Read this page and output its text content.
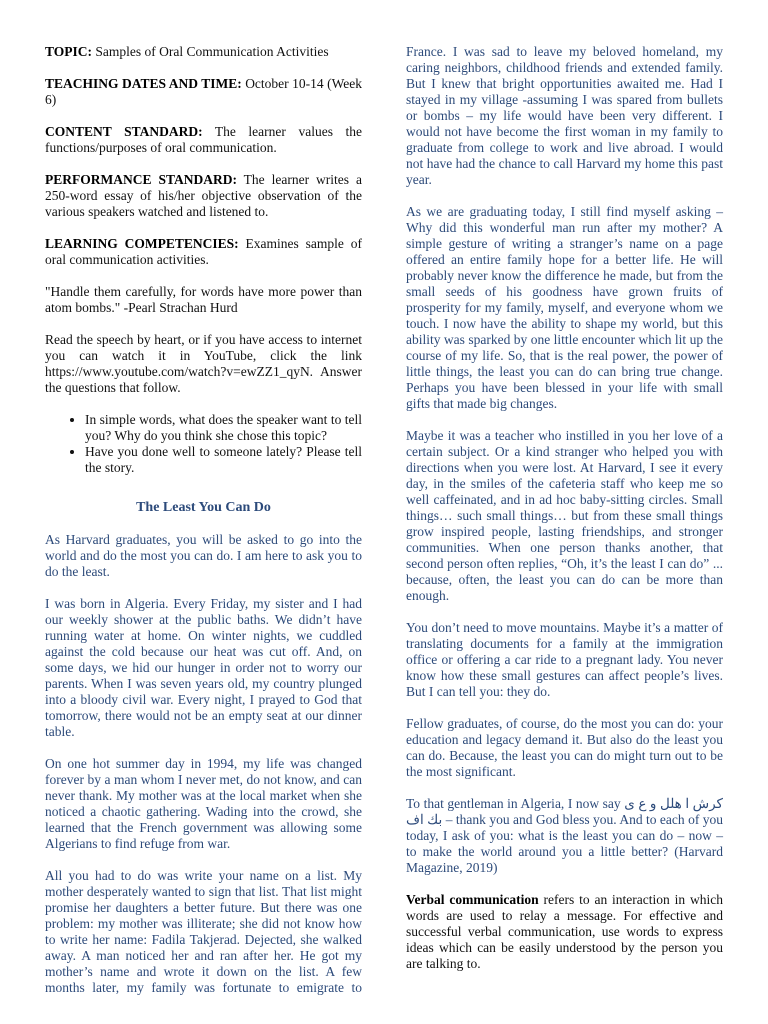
TOPIC: Samples of Oral Communication Activities

TEACHING DATES AND TIME: October 10-14 (Week 6)

CONTENT STANDARD: The learner values the functions/purposes of oral communication.

PERFORMANCE STANDARD: The learner writes a 250-word essay of his/her objective observation of the various speakers watched and listened to.

LEARNING COMPETENCIES: Examines sample of oral communication activities.

"Handle them carefully, for words have more power than atom bombs." -Pearl Strachan Hurd

Read the speech by heart, or if you have access to internet you can watch it in YouTube, click the link https://www.youtube.com/watch?v=ewZZ1_qyN. Answer the questions that follow.

• In simple words, what does the speaker want to tell you? Why do you think she chose this topic?
• Have you done well to someone lately? Please tell the story.
The Least You Can Do

As Harvard graduates, you will be asked to go into the world and do the most you can do. I am here to ask you to do the least.

I was born in Algeria. Every Friday, my sister and I had our weekly shower at the public baths. We didn’t have running water at home. On winter nights, we cuddled against the cold because our heat was cut off. And, on some days, we hid our hunger in order not to worry our parents. When I was seven years old, my country plunged into a bloody civil war. Every night, I prayed to God that tomorrow, there would not be an empty seat at our dinner table.

On one hot summer day in 1994, my life was changed forever by a man whom I never met, do not know, and can never thank. My mother was at the local market when she noticed a chaotic gathering. Wading into the crowd, she learned that the French government was allowing some Algerians to find refuge from war.

All you had to do was write your name on a list. My mother desperately wanted to sign that list. That list might promise her daughters a better future. But there was one problem: my mother was illiterate; she did not know how to write her name: Fadila Takjerad. Dejected, she walked away. A man noticed her and ran after her. He got my mother’s name and wrote it down on the list. A few months later, my family was fortunate to emigrate to

France. I was sad to leave my beloved homeland, my caring neighbors, childhood friends and extended family. But I knew that bright opportunities awaited me. Had I stayed in my village -assuming I was spared from bullets or bombs – my life would have been very different. I would not have become the first woman in my family to graduate from college to work and live abroad. I would not have had the chance to call Harvard my home this past year.

As we are graduating today, I still find myself asking – Why did this wonderful man run after my mother? A simple gesture of writing a stranger’s name on a page offered an entire family hope for a better life. He will probably never know the difference he made, but from the small seeds of his goodness have grown fruits of prosperity for my family, myself, and everyone whom we touch. I now have the ability to shape my world, but this ability was sparked by one little encounter which lit up the course of my life. So, that is the real power, the power of little things, the least you can do can bring true change. Perhaps you have been blessed in your life with small gifts that made big changes.

Maybe it was a teacher who instilled in you her love of a certain subject. Or a kind stranger who helped you with directions when you were lost. At Harvard, I see it every day, in the smiles of the cafeteria staff who keep me so well caffeinated, and in ad hoc baby-sitting circles. Small things… such small things… but from these small things grow inspired people, lasting friendships, and stronger communities. When one person thanks another, that second person often replies, “Oh, it’s the least I can do” ... because, often, the least you can do can be more than enough.

You don’t need to move mountains. Maybe it’s a matter of translating documents for a family at the immigration office or offering a car ride to a pregnant lady. You never know how these small gestures can affect people’s lives. But I can tell you: they do.

Fellow graduates, of course, do the most you can do: your education and legacy demand it. But also do the least you can do. Because, the least you can do might turn out to be the most significant.

To that gentleman in Algeria, I now say كرش ا هلل و ع ی بك اف – thank you and God bless you. And to each of you today, I ask of you: what is the least you can do – now – to make the world around you a little better? (Harvard Magazine, 2019)

Verbal communication refers to an interaction in which words are used to relay a message. For effective and successful verbal communication, use words to express ideas which can be easily understood by the person you are talking to.
